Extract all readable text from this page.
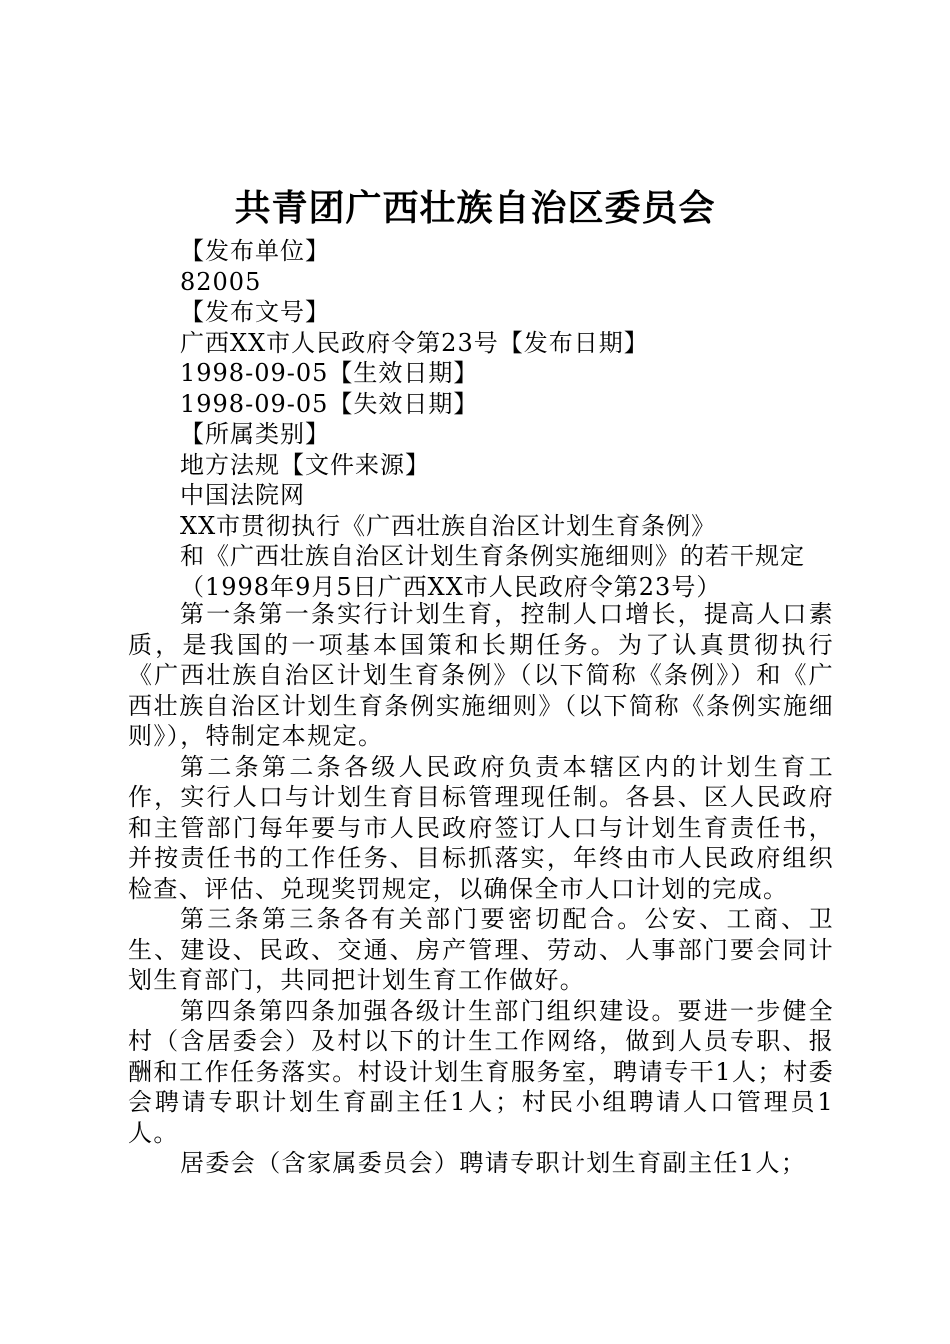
共青团广西壮族自治区委员会
【发布单位】
82005
【发布文号】
广西XX市人民政府令第23号【发布日期】
1998-09-05【生效日期】
1998-09-05【失效日期】
【所属类别】
地方法规【文件来源】
中国法院网
XX市贯彻执行《广西壮族自治区计划生育条例》
和《广西壮族自治区计划生育条例实施细则》的若干规定
（1998年9月5日广西XX市人民政府令第23号）

第一条第一条实行计划生育，控制人口增长，提高人口素质，是我国的一项基本国策和长期任务。为了认真贯彻执行《广西壮族自治区计划生育条例》（以下简称《条例》）和《广西壮族自治区计划生育条例实施细则》（以下简称《条例实施细则》），特制定本规定。

第二条第二条各级人民政府负责本辖区内的计划生育工作，实行人口与计划生育目标管理现任制。各县、区人民政府和主管部门每年要与市人民政府签订人口与计划生育责任书，并按责任书的工作任务、目标抓落实，年终由市人民政府组织检查、评估、兑现奖罚规定，以确保全市人口计划的完成。

第三条第三条各有关部门要密切配合。公安、工商、卫生、建设、民政、交通、房产管理、劳动、人事部门要会同计划生育部门，共同把计划生育工作做好。

第四条第四条加强各级计生部门组织建设。要进一步健全村（含居委会）及村以下的计生工作网络，做到人员专职、报酬和工作任务落实。村设计划生育服务室，聘请专干1人；村委会聘请专职计划生育副主任1人；村民小组聘请人口管理员1人。

居委会（含家属委员会）聘请专职计划生育副主任1人；
